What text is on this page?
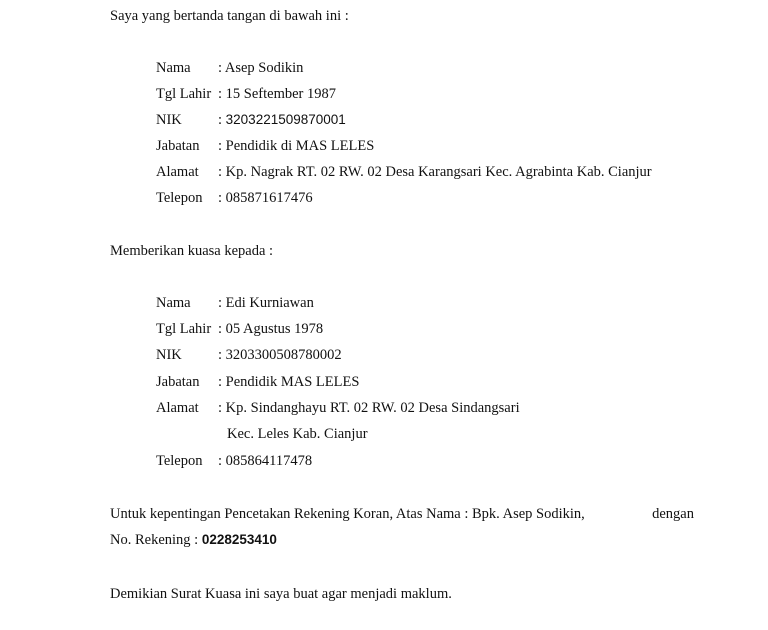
Saya yang bertanda tangan di bawah ini :
Nama : Asep Sodikin
Tgl Lahir : 15 Seftember 1987
NIK : 3203221509870001
Jabatan : Pendidik di MAS LELES
Alamat : Kp. Nagrak RT. 02 RW. 02 Desa Karangsari Kec. Agrabinta Kab. Cianjur
Telepon : 085871617476
Memberikan kuasa kepada :
Nama : Edi Kurniawan
Tgl Lahir : 05 Agustus 1978
NIK : 3203300508780002
Jabatan : Pendidik MAS LELES
Alamat : Kp. Sindanghayu RT. 02 RW. 02 Desa Sindangsari
Kec. Leles Kab. Cianjur
Telepon : 085864117478
Untuk kepentingan Pencetakan Rekening Koran, Atas Nama : Bpk. Asep Sodikin,	dengan
No. Rekening : 0228253410
Demikian Surat Kuasa ini saya buat agar menjadi maklum.
